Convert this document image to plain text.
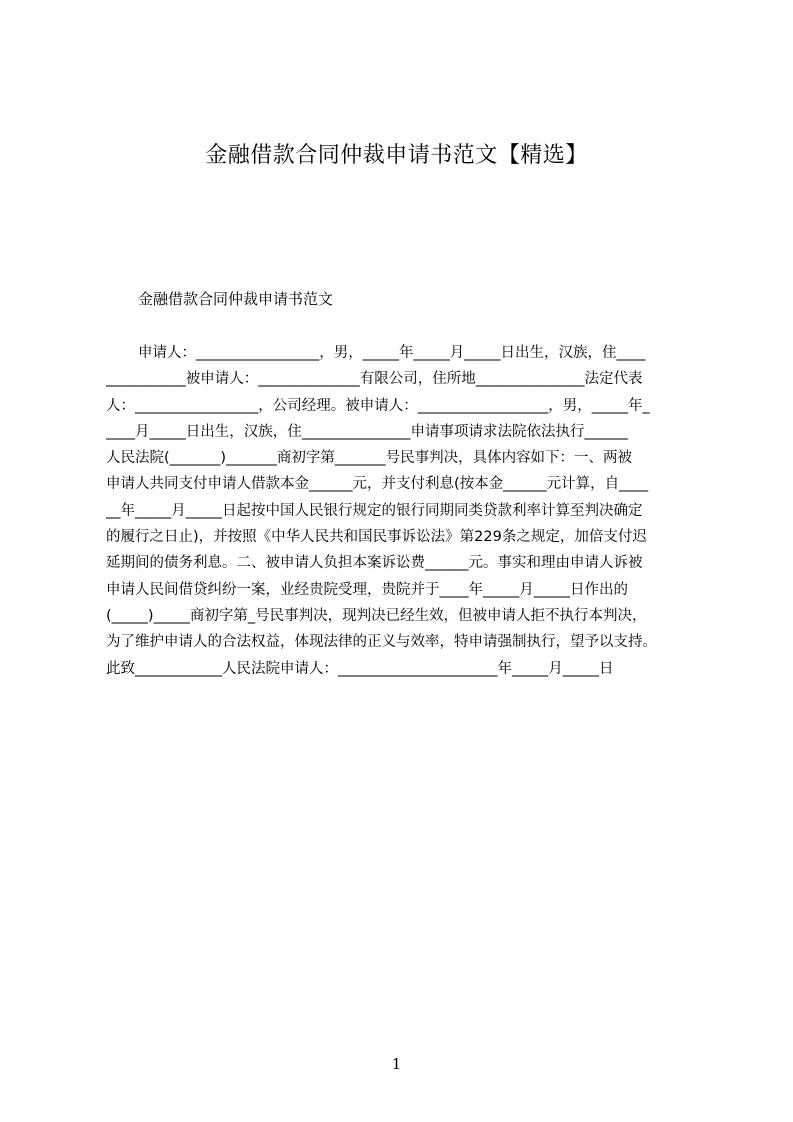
金融借款合同仲裁申请书范文【精选】

金融借款合同仲裁申请书范文

申请人：_________________，男，_____年_____月_____日出生，汉族，住____
___________被申请人：______________有限公司，住所地_______________法定代表
人：_________________，公司经理。被申请人：__________________，男，_____年_
____月_____日出生，汉族，住_______________申请事项请求法院依法执行______
人民法院(_______)_______商初字第_______号民事判决，具体内容如下：一、两被
申请人共同支付申请人借款本金______元，并支付利息(按本金______元计算，自____
__年_____月_____日起按中国人民银行规定的银行同期同类贷款利率计算至判决确定
的履行之日止)，并按照《中华人民共和国民事诉讼法》第229条之规定，加倍支付迟
延期间的债务利息。二、被申请人负担本案诉讼费______元。事实和理由申请人诉被
申请人民间借贷纠纷一案，业经贵院受理，贵院并于____年_____月_____日作出的
(_____)_____商初字第_号民事判决，现判决已经生效，但被申请人拒不执行本判决，
为了维护申请人的合法权益，体现法律的正义与效率，特申请强制执行，望予以支持。
此致____________人民法院申请人：______________________年_____月_____日
1
